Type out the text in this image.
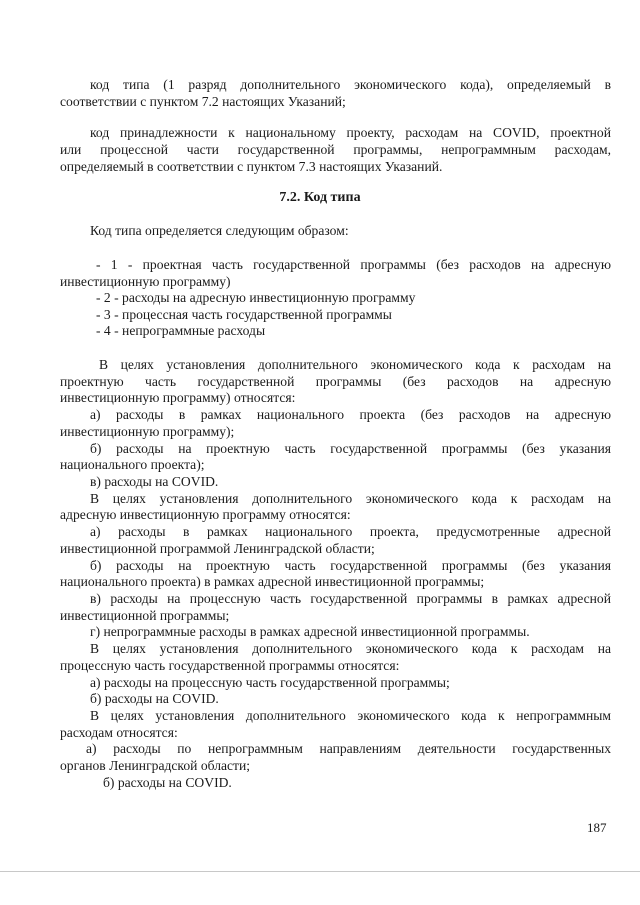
код типа (1 разряд дополнительного экономического кода), определяемый в
соответствии с пунктом 7.2 настоящих Указаний;
код принадлежности к национальному проекту, расходам на COVID, проектной
или процессной части государственной программы, непрограммным расходам,
определяемый в соответствии с пунктом 7.3 настоящих Указаний.
7.2. Код типа
Код типа определяется следующим образом:
- 1 - проектная часть государственной программы (без расходов на адресную
инвестиционную программу)
- 2 - расходы на адресную инвестиционную программу
- 3 - процессная часть государственной программы
- 4 - непрограммные расходы
В целях установления дополнительного экономического кода к расходам на
проектную часть государственной программы (без расходов на адресную
инвестиционную программу) относятся:
а) расходы в рамках национального проекта (без расходов на адресную
инвестиционную программу);
б) расходы на проектную часть государственной программы (без указания
национального проекта);
в) расходы на COVID.
В целях установления дополнительного экономического кода к расходам на
адресную инвестиционную программу относятся:
а) расходы в рамках национального проекта, предусмотренные адресной
инвестиционной программой Ленинградской области;
б) расходы на проектную часть государственной программы (без указания
национального проекта) в рамках адресной инвестиционной программы;
в) расходы на процессную часть государственной программы в рамках адресной
инвестиционной программы;
г) непрограммные расходы в рамках адресной инвестиционной программы.
В целях установления дополнительного экономического кода к расходам на
процессную часть государственной программы относятся:
а) расходы на процессную часть государственной программы;
б) расходы на COVID.
В целях установления дополнительного экономического кода к непрограммным
расходам относятся:
а) расходы по непрограммным направлениям деятельности государственных
органов Ленинградской области;
б) расходы на COVID.
187
